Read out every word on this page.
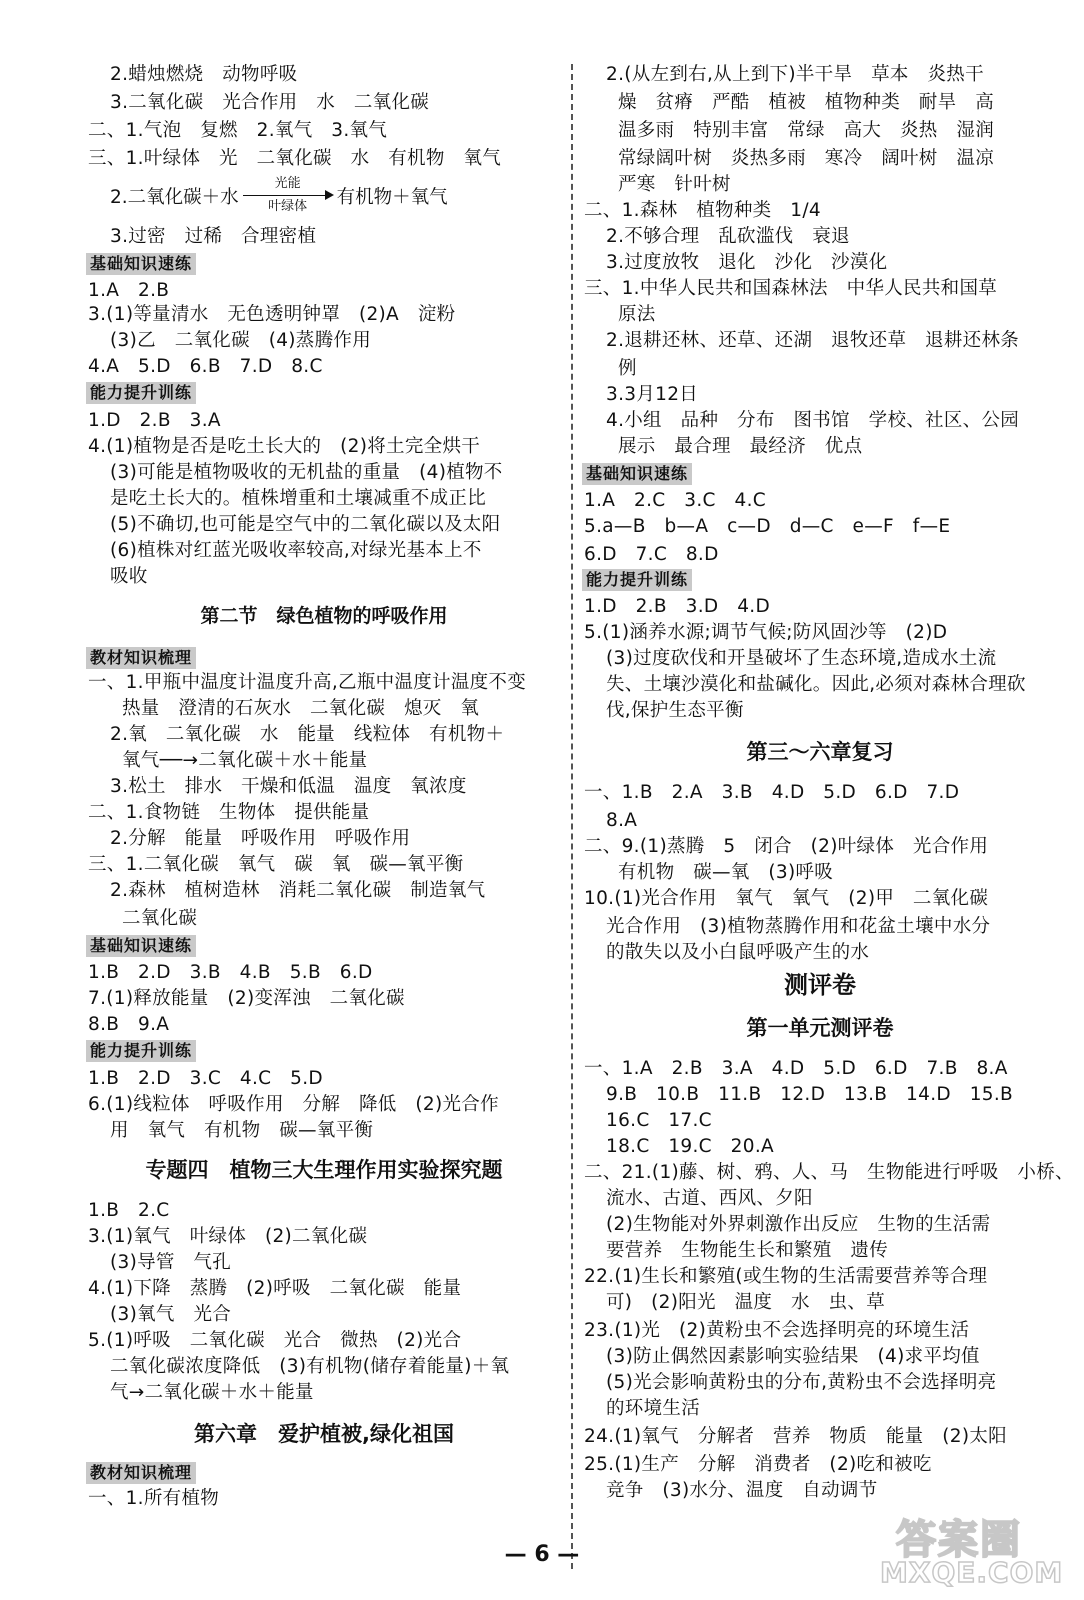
2.蜡烛燃烧　动物呼吸
3.二氧化碳　光合作用　水　二氧化碳
二、1.气泡　复燃　2.氧气　3.氧气
三、1.叶绿体　光　二氧化碳　水　有机物　氧气
2.二氧化碳＋水
光能
叶绿体	有机物＋氧气
3.过密　过稀　合理密植
基础知识速练
1.A　2.B
3.(1)等量清水　无色透明钟罩　(2)A　淀粉
(3)乙　二氧化碳　(4)蒸腾作用
4.A　5.D　6.B　7.D　8.C
能力提升训练
1.D　2.B　3.A
4.(1)植物是否是吃土长大的　(2)将土完全烘干
(3)可能是植物吸收的无机盐的重量　(4)植物不
是吃土长大的。植株增重和土壤减重不成正比
(5)不确切,也可能是空气中的二氧化碳以及太阳
(6)植株对红蓝光吸收率较高,对绿光基本上不
吸收
第二节　绿色植物的呼吸作用
教材知识梳理
一、1.甲瓶中温度计温度升高,乙瓶中温度计温度不变
热量　澄清的石灰水　二氧化碳　熄灭　氧
2.氧　二氧化碳　水　能量　线粒体　有机物＋
氧气──→二氧化碳＋水＋能量
3.松土　排水　干燥和低温　温度　氧浓度
二、1.食物链　生物体　提供能量
2.分解　能量　呼吸作用　呼吸作用
三、1.二氧化碳　氧气　碳　氧　碳—氧平衡
2.森林　植树造林　消耗二氧化碳　制造氧气
二氧化碳
基础知识速练
1.B　2.D　3.B　4.B　5.B　6.D
7.(1)释放能量　(2)变浑浊　二氧化碳
8.B　9.A
能力提升训练
1.B　2.D　3.C　4.C　5.D
6.(1)线粒体　呼吸作用　分解　降低　(2)光合作
用　氧气　有机物　碳—氧平衡
专题四　植物三大生理作用实验探究题
1.B　2.C
3.(1)氧气　叶绿体　(2)二氧化碳
(3)导管　气孔
4.(1)下降　蒸腾　(2)呼吸　二氧化碳　能量
(3)氧气　光合
5.(1)呼吸　二氧化碳　光合　微热　(2)光合
二氧化碳浓度降低　(3)有机物(储存着能量)＋氧
气→二氧化碳＋水＋能量
第六章　爱护植被,绿化祖国
教材知识梳理
一、1.所有植物
2.(从左到右,从上到下)半干旱　草本　炎热干
燥　贫瘠　严酷　植被　植物种类　耐旱　高
温多雨　特别丰富　常绿　高大　炎热　湿润
常绿阔叶树　炎热多雨　寒冷　阔叶树　温凉
严寒　针叶树
二、1.森林　植物种类　1/4
2.不够合理　乱砍滥伐　衰退
3.过度放牧　退化　沙化　沙漠化
三、1.中华人民共和国森林法　中华人民共和国草
原法
2.退耕还林、还草、还湖　退牧还草　退耕还林条
例
3.3月12日
4.小组　品种　分布　图书馆　学校、社区、公园
展示　最合理　最经济　优点
基础知识速练
1.A　2.C　3.C　4.C
5.a—B　b—A　c—D　d—C　e—F　f—E
6.D　7.C　8.D
能力提升训练
1.D　2.B　3.D　4.D
5.(1)涵养水源;调节气候;防风固沙等　(2)D
(3)过度砍伐和开垦破坏了生态环境,造成水土流
失、土壤沙漠化和盐碱化。因此,必须对森林合理砍
伐,保护生态平衡
第三～六章复习
一、1.B　2.A　3.B　4.D　5.D　6.D　7.D
8.A
二、9.(1)蒸腾　5　闭合　(2)叶绿体　光合作用
有机物　碳—氧　(3)呼吸
10.(1)光合作用　氧气　氧气　(2)甲　二氧化碳
光合作用　(3)植物蒸腾作用和花盆土壤中水分
的散失以及小白鼠呼吸产生的水
测评卷
第一单元测评卷
一、1.A　2.B　3.A　4.D　5.D　6.D　7.B　8.A
9.B　10.B　11.B　12.D　13.B　14.D　15.B
16.C　17.C
18.C　19.C　20.A
二、21.(1)藤、树、鸦、人、马　生物能进行呼吸　小桥、
流水、古道、西风、夕阳
(2)生物能对外界刺激作出反应　生物的生活需
要营养　生物能生长和繁殖　遗传
22.(1)生长和繁殖(或生物的生活需要营养等合理
可)　(2)阳光　温度　水　虫、草
23.(1)光　(2)黄粉虫不会选择明亮的环境生活
(3)防止偶然因素影响实验结果　(4)求平均值
(5)光会影响黄粉虫的分布,黄粉虫不会选择明亮
的环境生活
24.(1)氧气　分解者　营养　物质　能量　(2)太阳
25.(1)生产　分解　消费者　(2)吃和被吃
竞争　(3)水分、温度　自动调节
— 6 —	答案圈
MXQE.COM
